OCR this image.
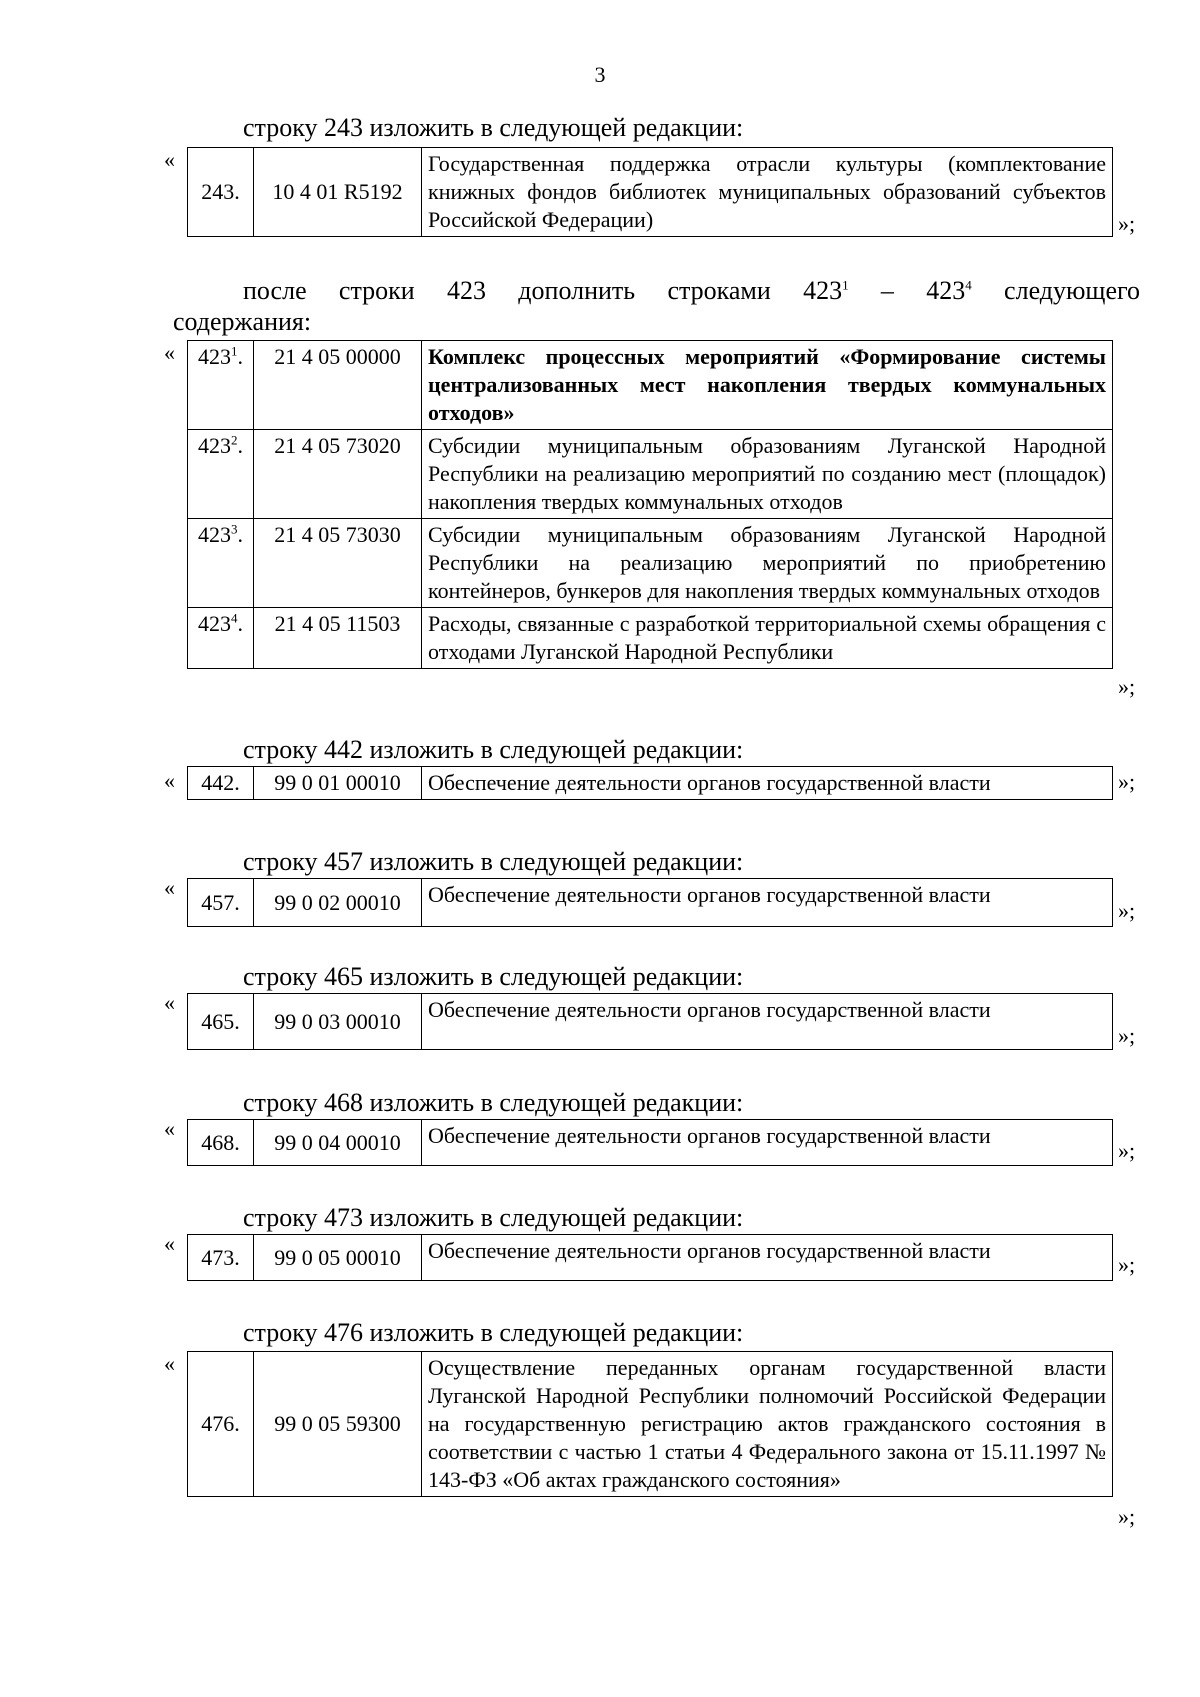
3
строку 243 изложить в следующей редакции:
«
243.	10 4 01 R5192	Государственная поддержка отрасли культуры (комплектование книжных фондов библиотек муниципальных образований субъектов Российской Федерации)	»;
после строки 423 дополнить строками $423^1 - 423^4$ следующего
содержания:
« $423^1$.	21 4 05 00000	Комплекс процессных мероприятий «Формирование системы централизованных мест накопления твердых коммунальных отходов»
$423^2$.	21 4 05 73020	Субсидии муниципальным образованиям Луганской Народной Республики на реализацию мероприятий по созданию мест (площадок) накопления твердых коммунальных отходов
$423^3$.	21 4 05 73030	Субсидии муниципальным образованиям Луганской Народной Республики на реализацию мероприятий по приобретению контейнеров, бункеров для накопления твердых коммунальных отходов
$423^4$.	21 4 05 11503	Расходы, связанные с разработкой территориальной схемы обращения с отходами Луганской Народной Республики
»;
строку 442 изложить в следующей редакции:
« 442.	99 0 01 00010	Обеспечение деятельности органов государственной власти	»;
строку 457 изложить в следующей редакции:
«
457.	99 0 02 00010	Обеспечение деятельности органов государственной власти
»;
строку 465 изложить в следующей редакции:
«
465.	99 0 03 00010	Обеспечение деятельности органов государственной власти
»;
строку 468 изложить в следующей редакции:
«
468.	99 0 04 00010	Обеспечение деятельности органов государственной власти
»;
строку 473 изложить в следующей редакции:
«
473.	99 0 05 00010	Обеспечение деятельности органов государственной власти
»;
строку 476 изложить в следующей редакции:
«
476.	99 0 05 59300	Осуществление переданных органам государственной власти Луганской Народной Республики полномочий Российской Федерации на государственную регистрацию актов гражданского состояния в соответствии с частью 1 статьи 4 Федерального закона от 15.11.1997 № 143-ФЗ «Об актах гражданского состояния»
»;
